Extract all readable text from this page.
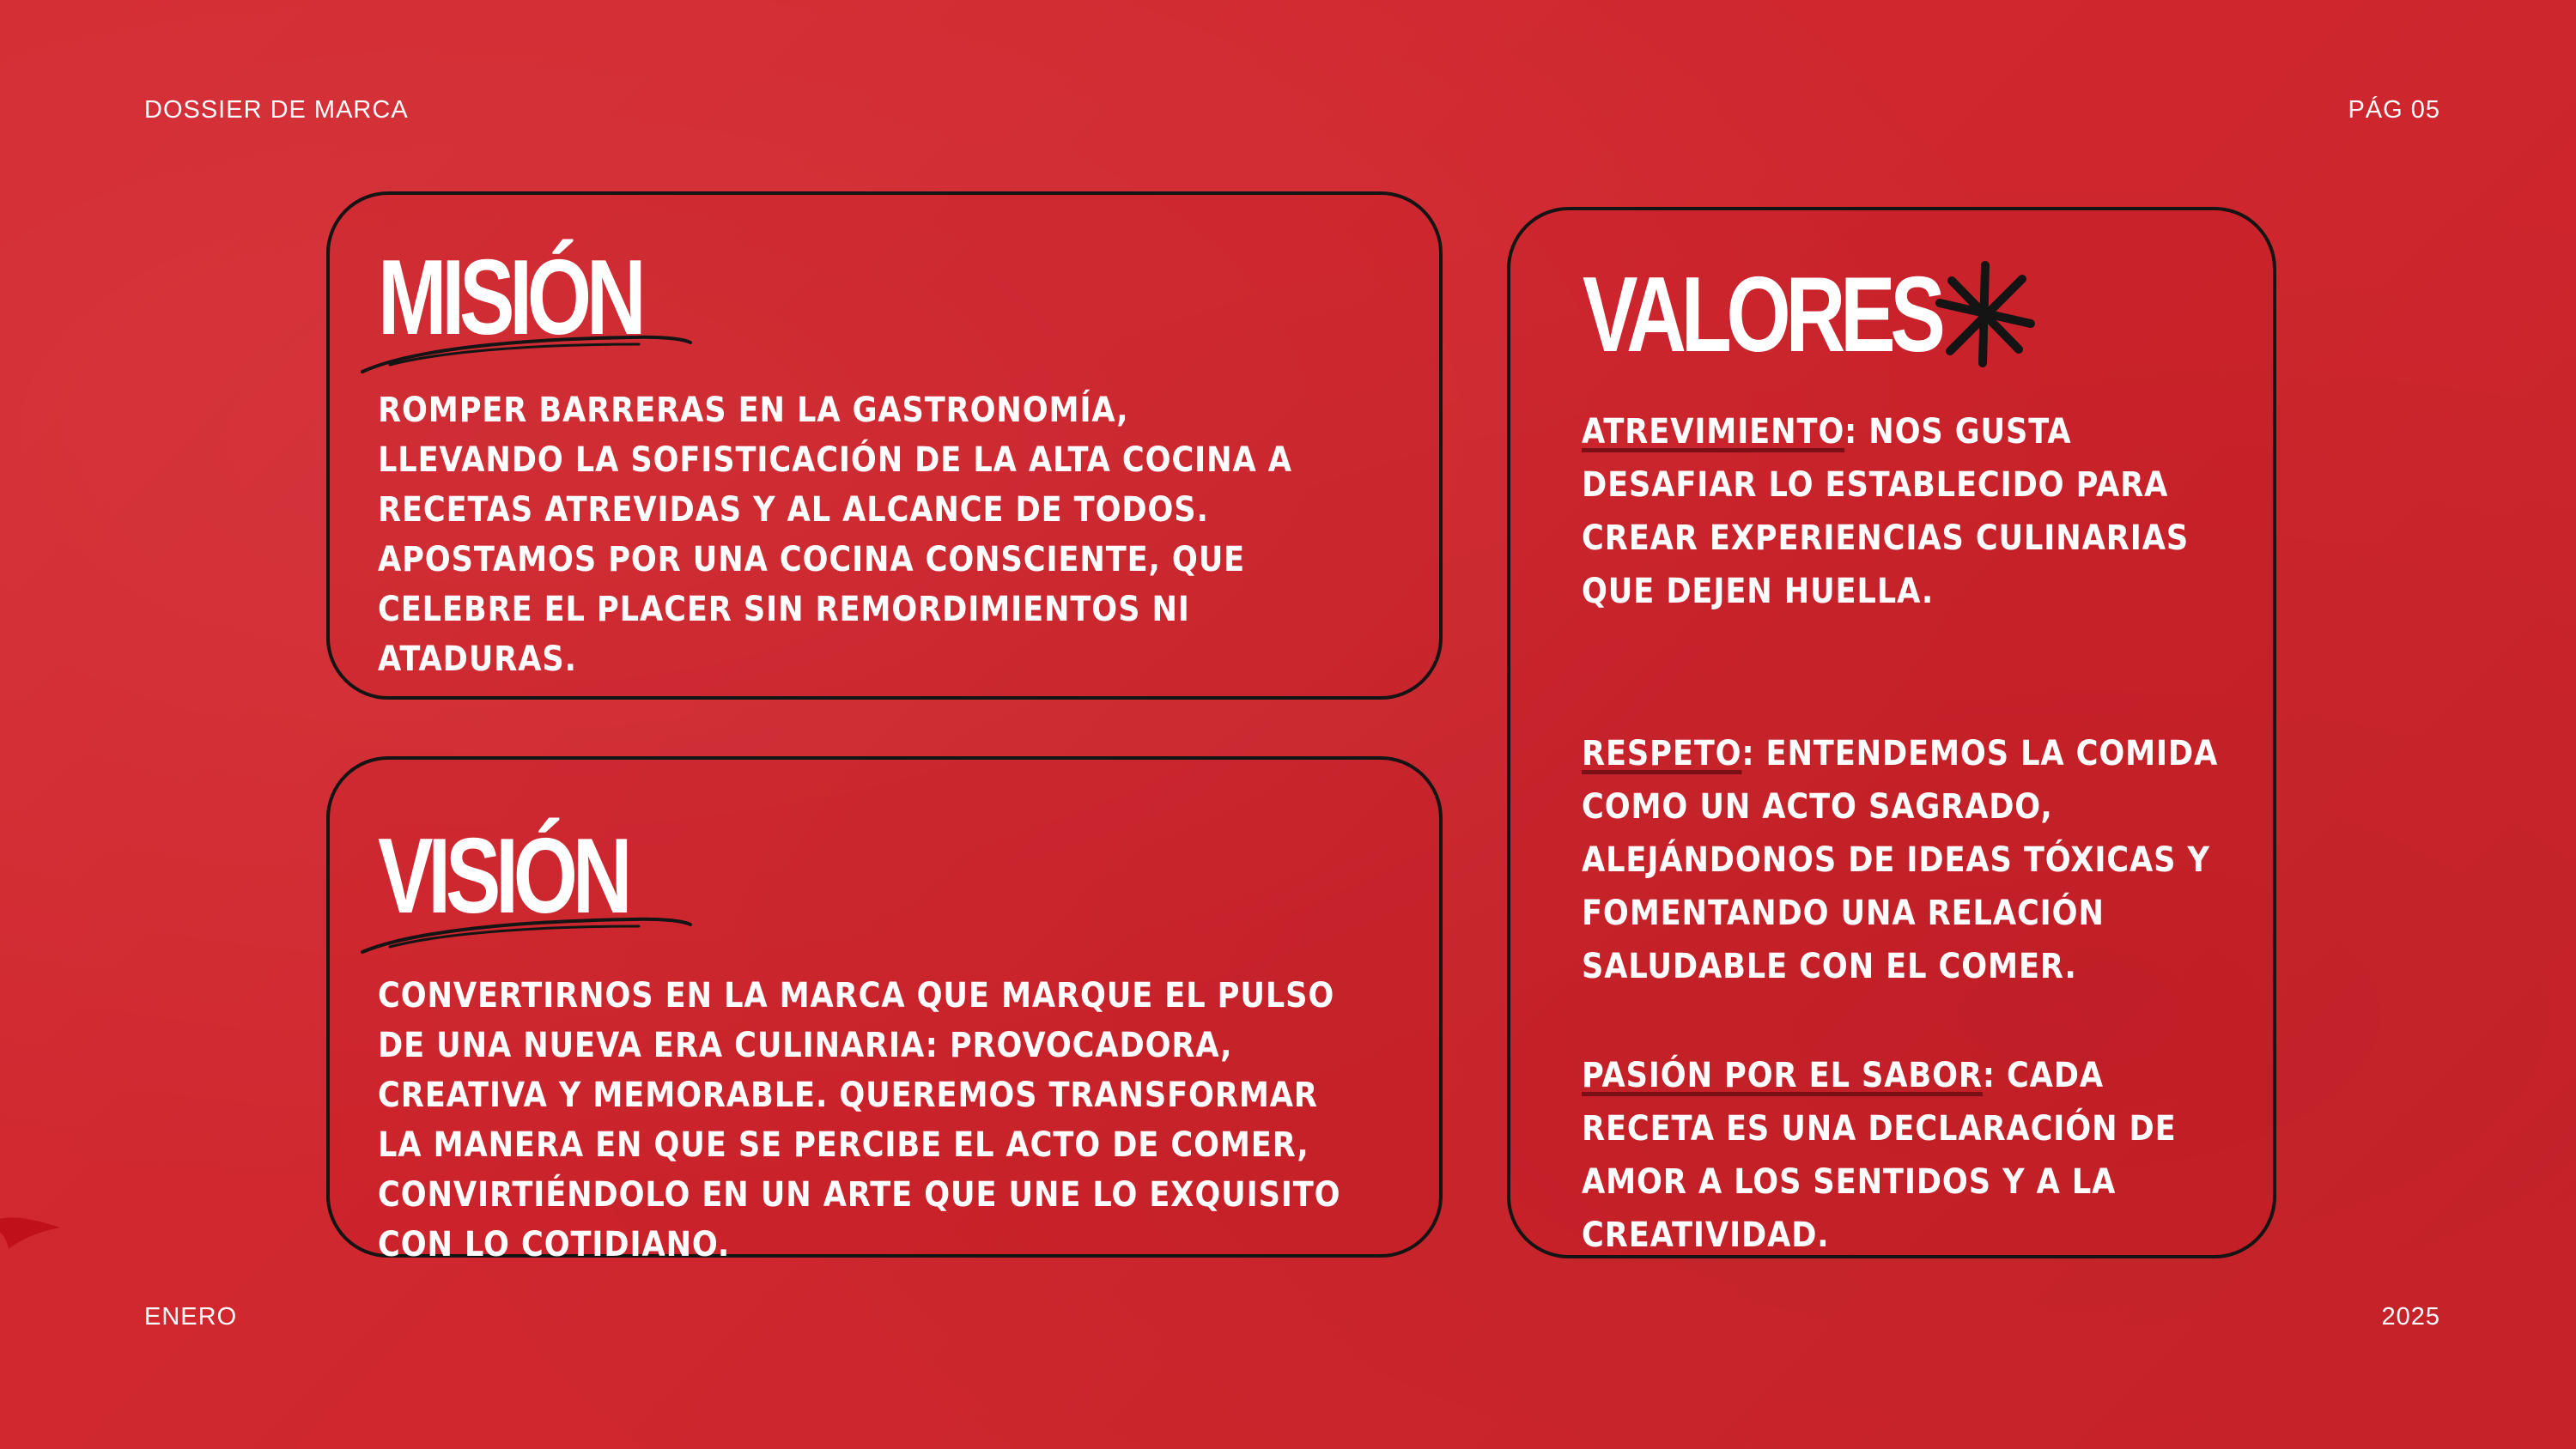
DOSSIER DE MARCA	PÁG 05
ENERO	2025
MISIÓN

ROMPER BARRERAS EN LA GASTRONOMÍA, LLEVANDO LA SOFISTICACIÓN DE LA ALTA COCINA A RECETAS ATREVIDAS Y AL ALCANCE DE TODOS. APOSTAMOS POR UNA COCINA CONSCIENTE, QUE CELEBRE EL PLACER SIN REMORDIMIENTOS NI ATADURAS.

VISIÓN

CONVERTIRNOS EN LA MARCA QUE MARQUE EL PULSO DE UNA NUEVA ERA CULINARIA: PROVOCADORA, CREATIVA Y MEMORABLE. QUEREMOS TRANSFORMAR LA MANERA EN QUE SE PERCIBE EL ACTO DE COMER, CONVIRTIÉNDOLO EN UN ARTE QUE UNE LO EXQUISITO CON LO COTIDIANO.

VALORES

ATREVIMIENTO: NOS GUSTA DESAFIAR LO ESTABLECIDO PARA CREAR EXPERIENCIAS CULINARIAS QUE DEJEN HUELLA.

RESPETO: ENTENDEMOS LA COMIDA COMO UN ACTO SAGRADO, ALEJÁNDONOS DE IDEAS TÓXICAS Y FOMENTANDO UNA RELACIÓN SALUDABLE CON EL COMER.

PASIÓN POR EL SABOR: CADA RECETA ES UNA DECLARACIÓN DE AMOR A LOS SENTIDOS Y A LA CREATIVIDAD.
